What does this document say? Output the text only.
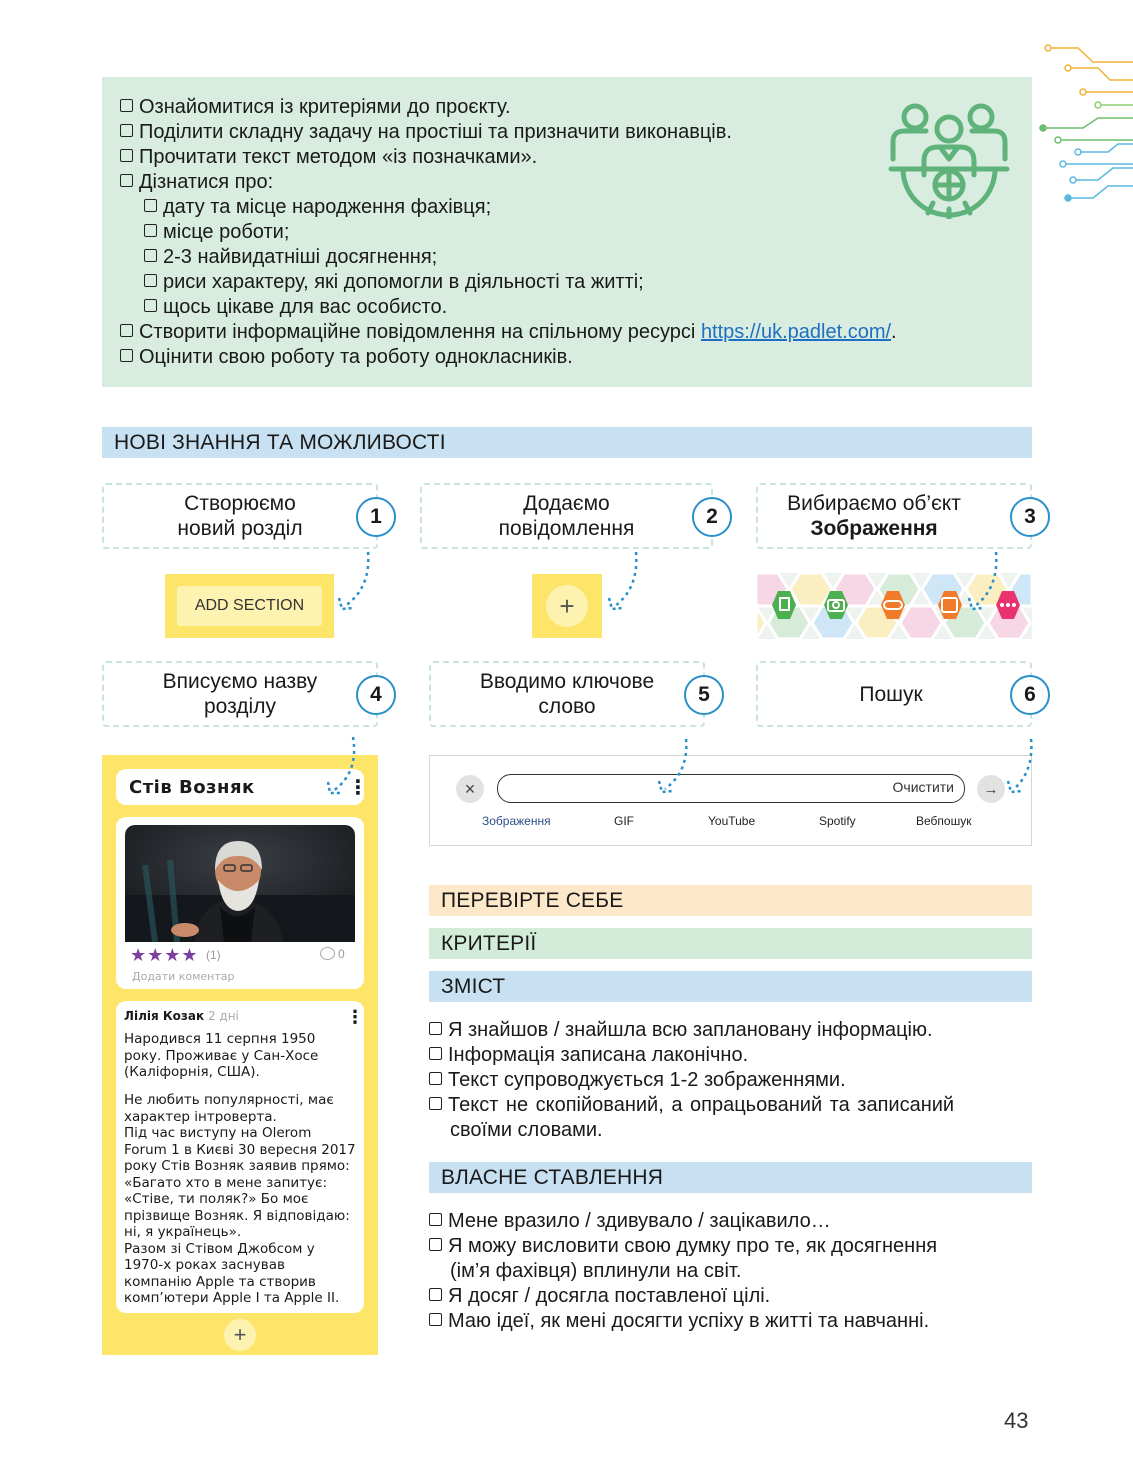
Ознайомитися із критеріями до проєкту.
Поділити складну задачу на простіші та призначити виконавців.
Прочитати текст методом «із позначками».
Дізнатися про:
дату та місце народження фахівця;
місце роботи;
2-3 найвидатніші досягнення;
риси характеру, які допомогли в діяльності та житті;
щось цікаве для вас особисто.
Створити інформаційне повідомлення на спільному ресурсі https://uk.padlet.com/.
Оцінити свою роботу та роботу однокласників.
НОВІ ЗНАННЯ ТА МОЖЛИВОСТІ
Створюємо
новий розділ
1
Додаємо
повідомлення
2
Вибираємо об’єкт
Зображення
3
ADD SECTION	+
Вписуємо назву
розділу
4
Вводимо ключове
слово
5	Пошук	6
Стів Возняк	⋮
★★★★ (1)	0
Додати коментар
Лілія Козак 2 дні	⋮
Народився 11 серпня 1950
року. Проживає у Сан-Хосе
(Каліфорнія, США).
Не любить популярності, має
характер інтроверта.
Під час виступу на Olerom
Forum 1 в Києві 30 вересня 2017
року Стів Возняк заявив прямо:
«Багато хто в мене запитує:
«Стіве, ти поляк?» Бо моє
прізвище Возняк. Я відповідаю:
ні, я українець».
Разом зі Стівом Джобсом у
1970-х роках заснував
компанію Apple та створив
комп’ютери Apple I та Apple II.
+
×	Очистити	→
Зображення	GIF	YouTube	Spotify	Вебпошук
ПЕРЕВІРТЕ СЕБЕ
КРИТЕРІЇ
ЗМІСТ
Я знайшов / знайшла всю заплановану інформацію.
Інформація записана лаконічно.
Текст супроводжується 1-2 зображеннями.
Текст не скопійований, а опрацьований та записаний
своїми словами.
ВЛАСНЕ СТАВЛЕННЯ
Мене вразило / здивувало / зацікавило…
Я можу висловити свою думку про те, як досягнення
(ім’я фахівця) вплинули на світ.
Я досяг / досягла поставленої цілі.
Маю ідеї, як мені досягти успіху в житті та навчанні.
43
